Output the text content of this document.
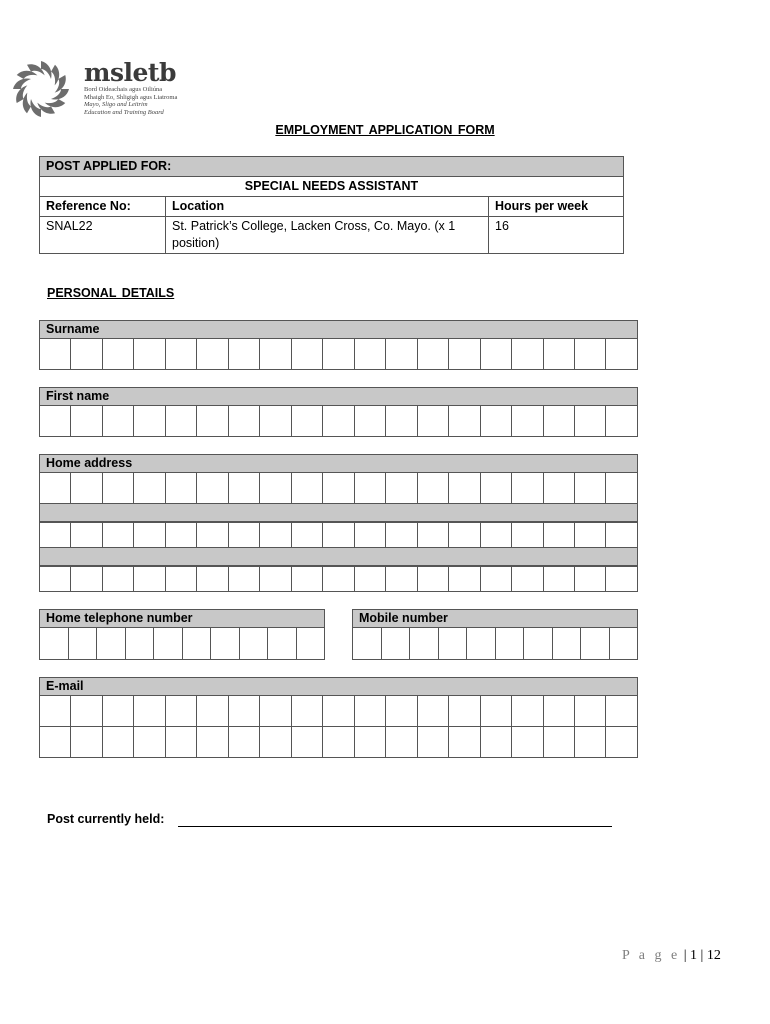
msletb
Bord Oideachais agus Oiliúna
Mhaigh Eo, Shligigh agus Liatroma
Mayo, Sligo and Leitrim
Education and Training Board
EMPLOYMENT APPLICATION FORM
POST APPLIED FOR:		
SPECIAL NEEDS ASSISTANT		
Reference No:	Location	Hours per week
SNAL22	St. Patrick’s College, Lacken Cross, Co. Mayo. (x 1 position)	16
PERSONAL DETAILS
Surname
First name
Home address
Home telephone number	Mobile number
E-mail
Post currently held:
P a g e | 1 | 12
